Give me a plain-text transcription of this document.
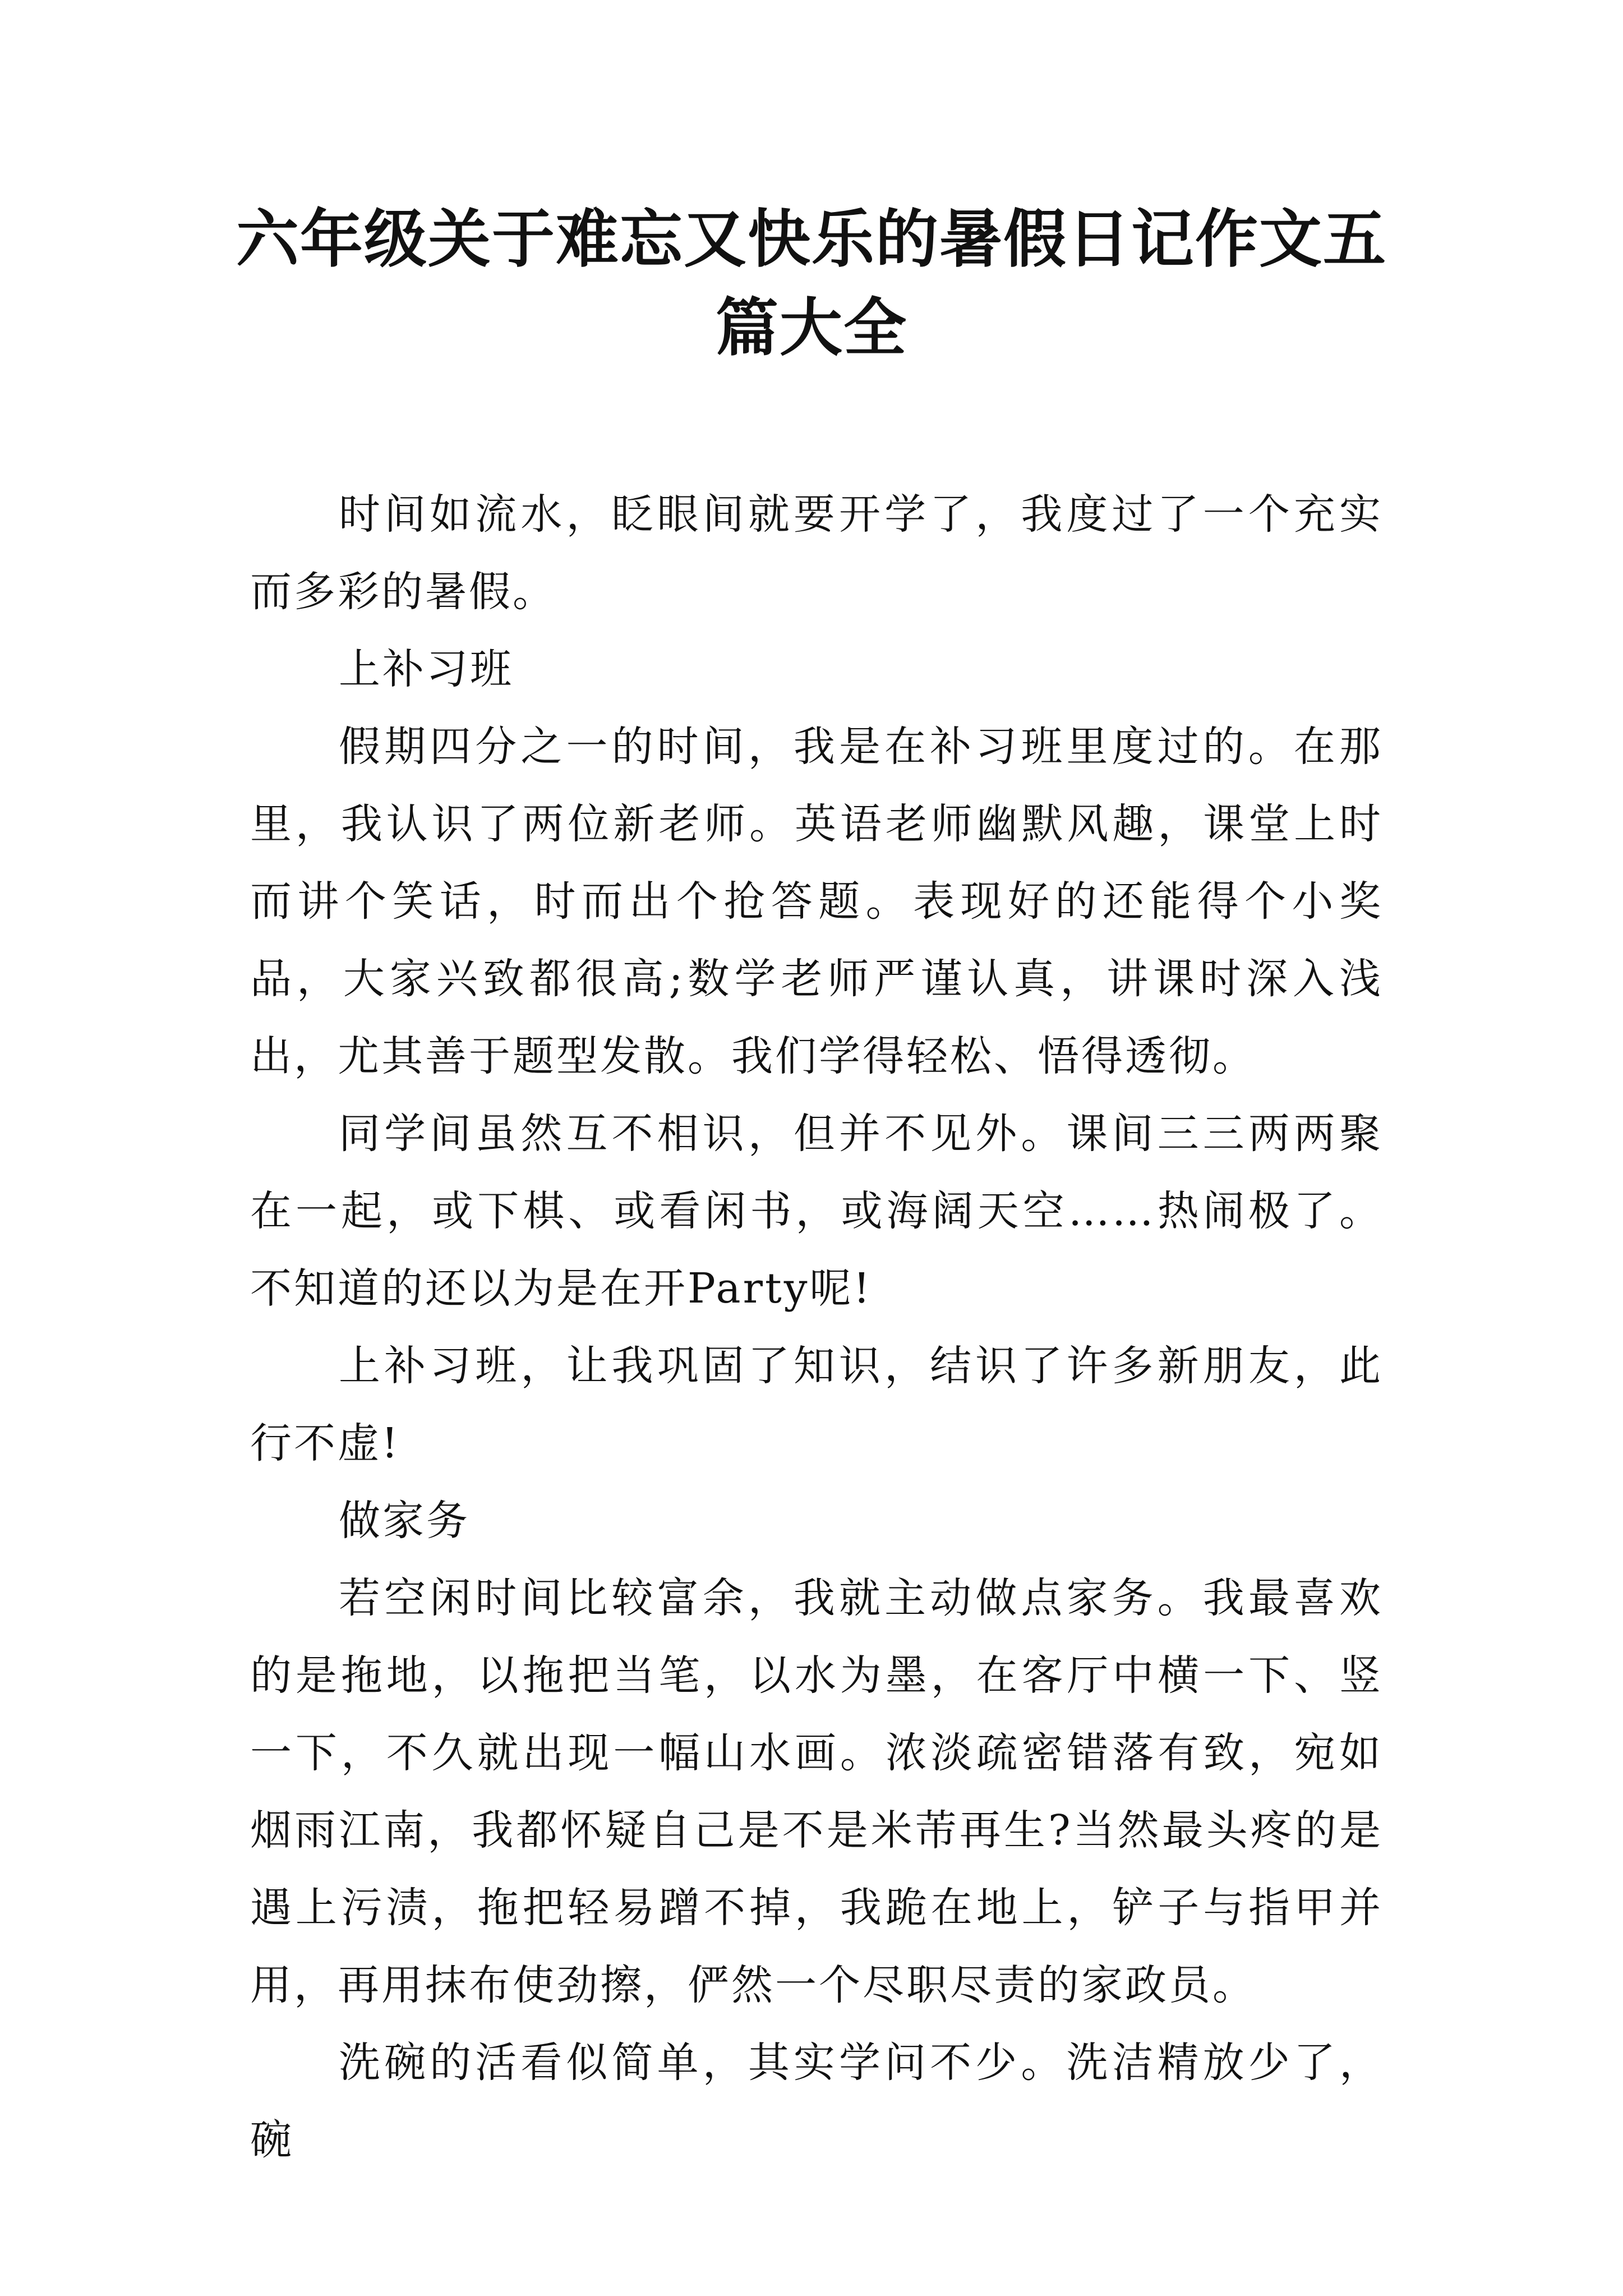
六年级关于难忘又快乐的暑假日记作文五
篇大全

时间如流水，眨眼间就要开学了，我度过了一个充实而多彩的暑假。

上补习班

假期四分之一的时间，我是在补习班里度过的。在那里，我认识了两位新老师。英语老师幽默风趣，课堂上时而讲个笑话，时而出个抢答题。表现好的还能得个小奖品，大家兴致都很高;数学老师严谨认真，讲课时深入浅出，尤其善于题型发散。我们学得轻松、悟得透彻。

同学间虽然互不相识，但并不见外。课间三三两两聚在一起，或下棋、或看闲书，或海阔天空……热闹极了。不知道的还以为是在开Party呢!

上补习班，让我巩固了知识，结识了许多新朋友，此行不虚!

做家务

若空闲时间比较富余，我就主动做点家务。我最喜欢的是拖地，以拖把当笔，以水为墨，在客厅中横一下、竖一下，不久就出现一幅山水画。浓淡疏密错落有致，宛如烟雨江南，我都怀疑自己是不是米芾再生?当然最头疼的是遇上污渍，拖把轻易蹭不掉，我跪在地上，铲子与指甲并用，再用抹布使劲擦，俨然一个尽职尽责的家政员。

洗碗的活看似简单，其实学问不少。洗洁精放少了，碗
